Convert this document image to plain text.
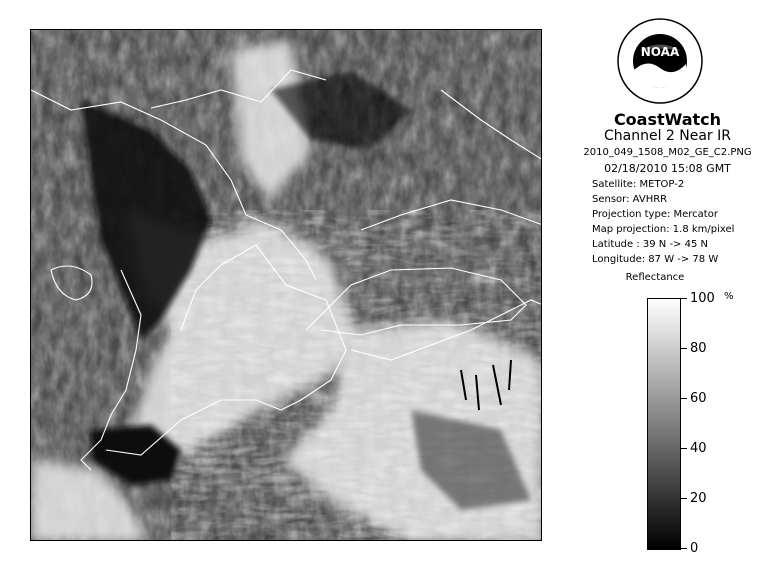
NOAA
CoastWatch
Channel 2 Near IR
2010_049_1508_M02_GE_C2.PNG
02/18/2010 15:08 GMT
Satellite: METOP-2
Sensor: AVHRR
Projection type: Mercator
Map projection: 1.8 km/pixel
Latitude : 39 N -> 45 N
Longitude: 87 W -> 78 W
Reflectance
%
100
80
60
40
20
0
